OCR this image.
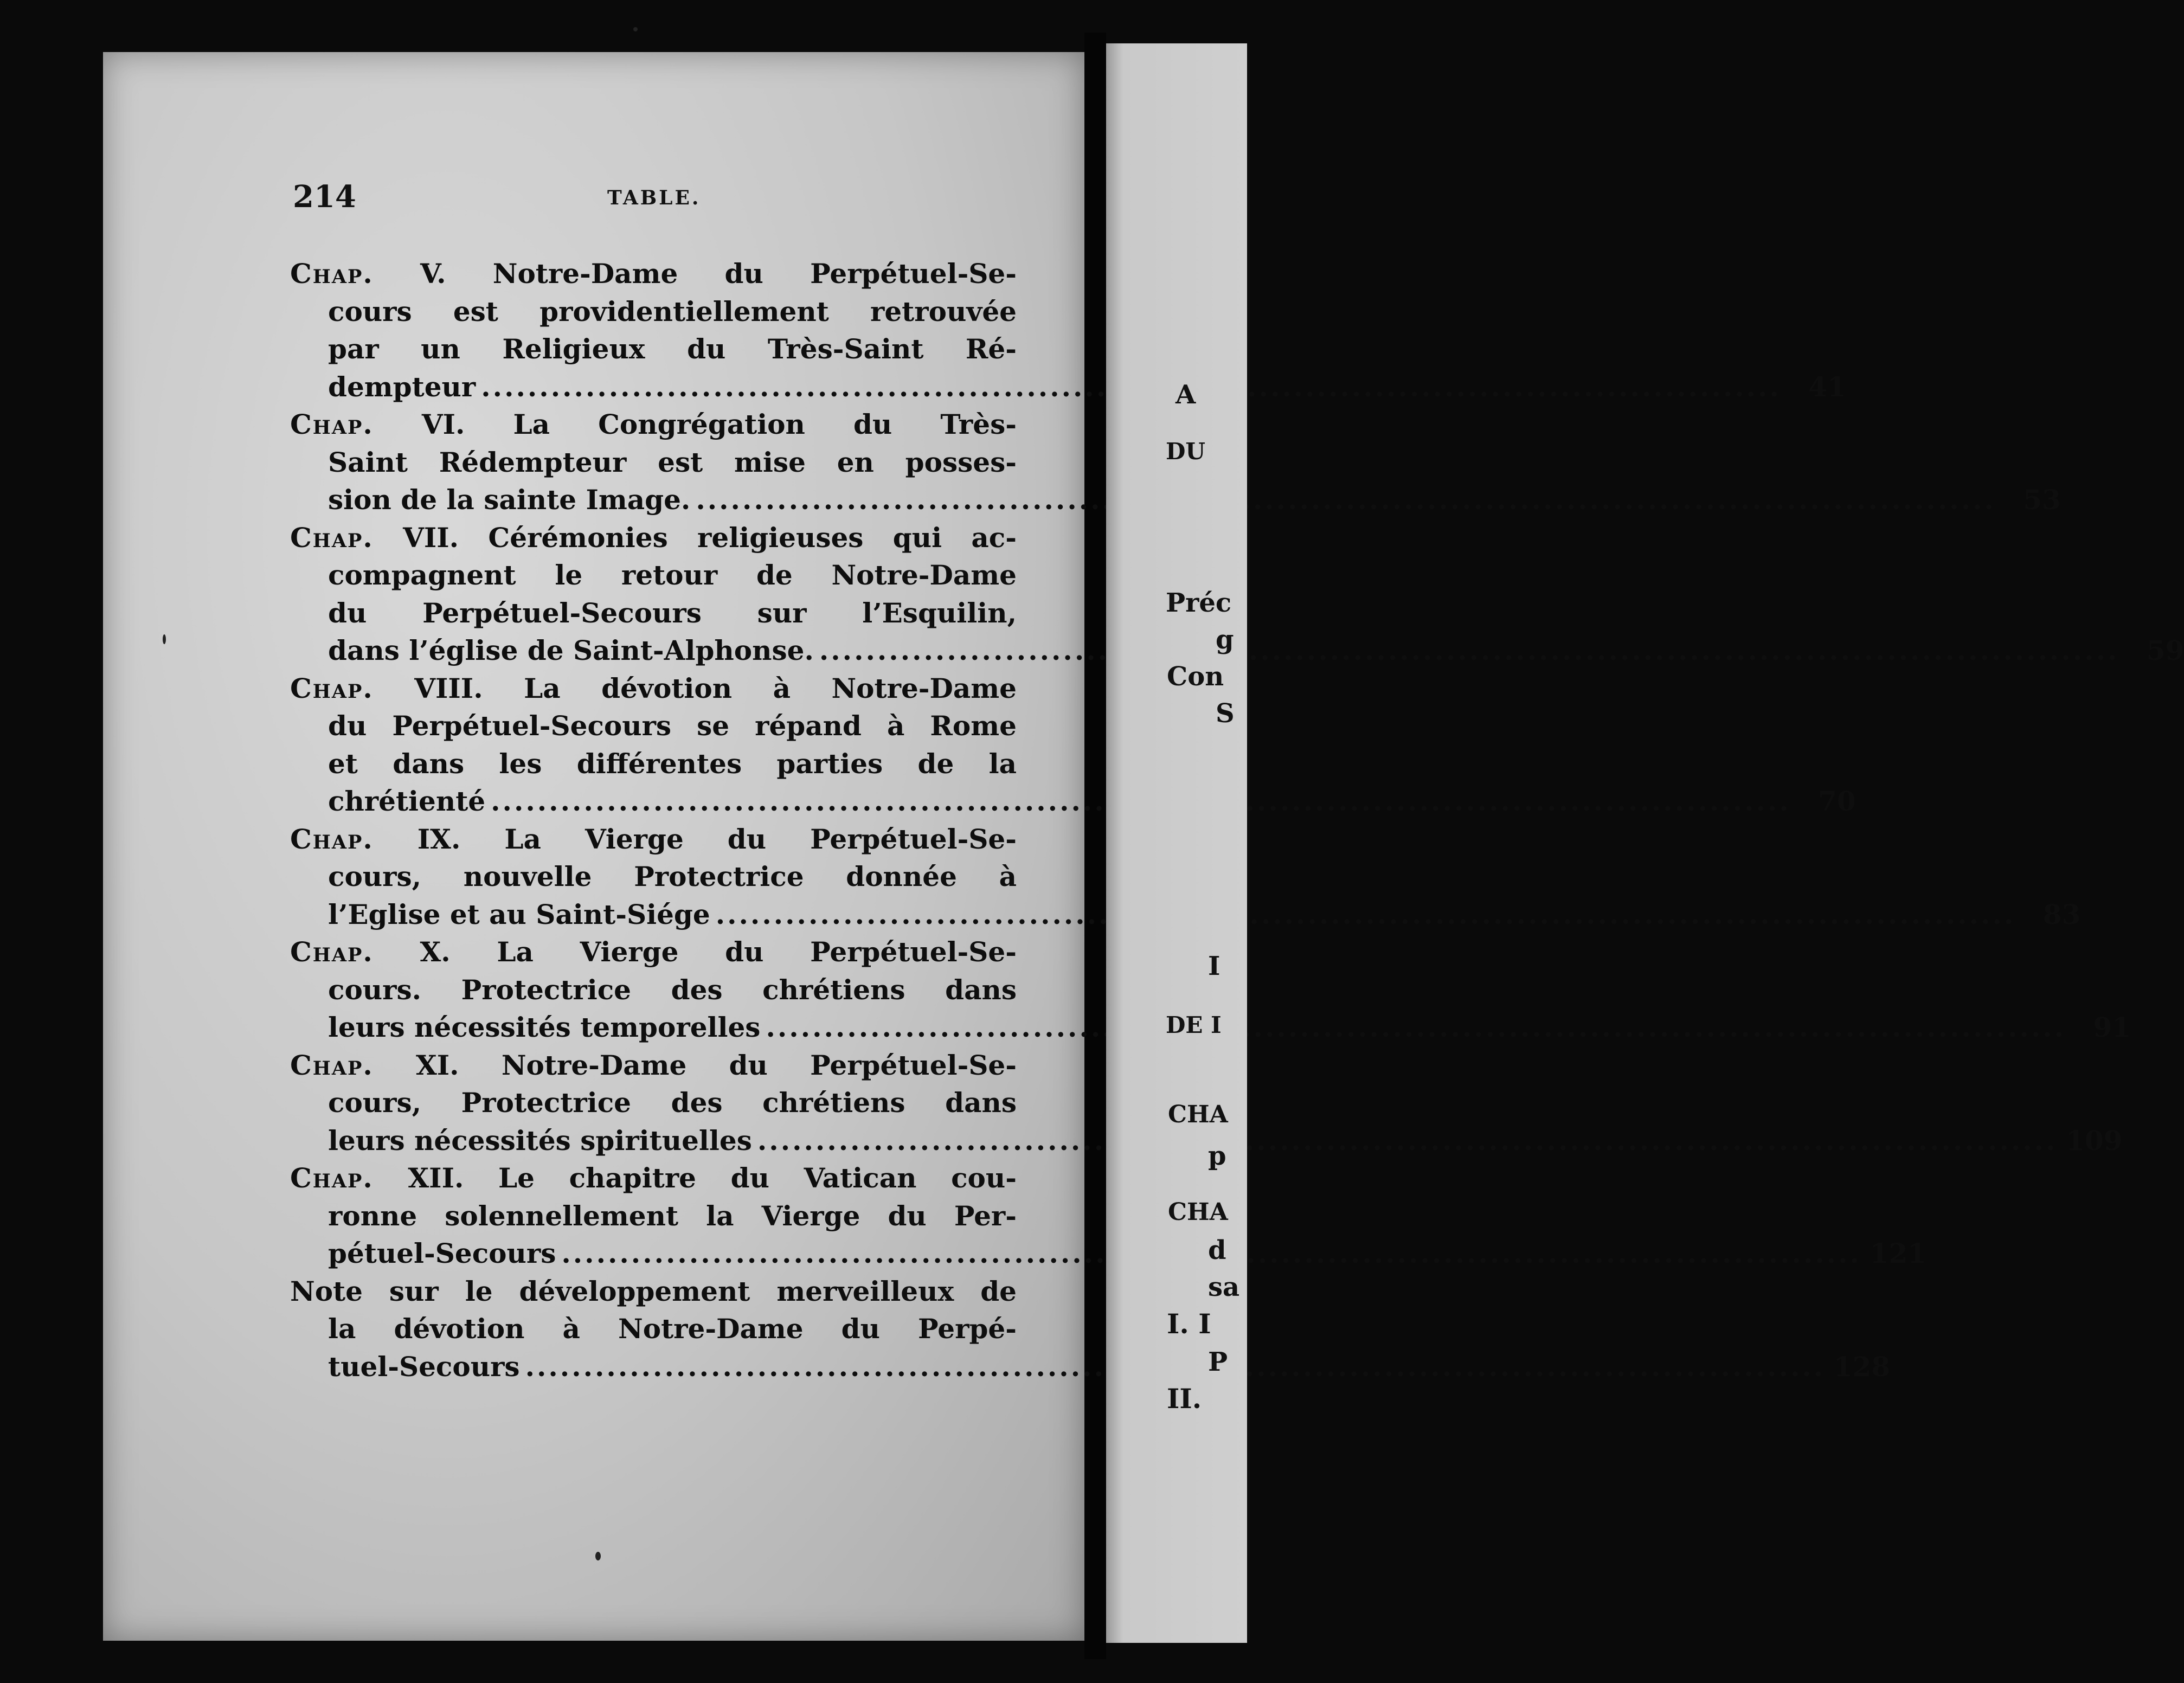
214	TABLE.
Chap. V. Notre-Dame du Perpétuel-Se-
cours est providentiellement retrouvée
par un Religieux du Très-Saint Ré-
dempteur .....	41
Chap. VI. La Congrégation du Très-
Saint Rédempteur est mise en posses-
sion de la sainte Image. .....	53
Chap. VII. Cérémonies religieuses qui ac-
compagnent le retour de Notre-Dame
du Perpétuel-Secours sur l’Esquilin,
dans l’église de Saint-Alphonse. .....	59
Chap. VIII. La dévotion à Notre-Dame
du Perpétuel-Secours se répand à Rome
et dans les différentes parties de la
chrétienté .....	70
Chap. IX. La Vierge du Perpétuel-Se-
cours, nouvelle Protectrice donnée à
l’Eglise et au Saint-Siége .....	83
Chap. X. La Vierge du Perpétuel-Se-
cours. Protectrice des chrétiens dans
leurs nécessités temporelles .....	91
Chap. XI. Notre-Dame du Perpétuel-Se-
cours, Protectrice des chrétiens dans
leurs nécessités spirituelles .....	109
Chap. XII. Le chapitre du Vatican cou-
ronne solennellement la Vierge du Per-
pétuel-Secours .....	121
Note sur le développement merveilleux de
la dévotion à Notre-Dame du Perpé-
tuel-Secours .....	128
A
DU
Préc
g
Con
S
I
DE I
CHA
p
CHA
d
sa
I. I
P
II.
